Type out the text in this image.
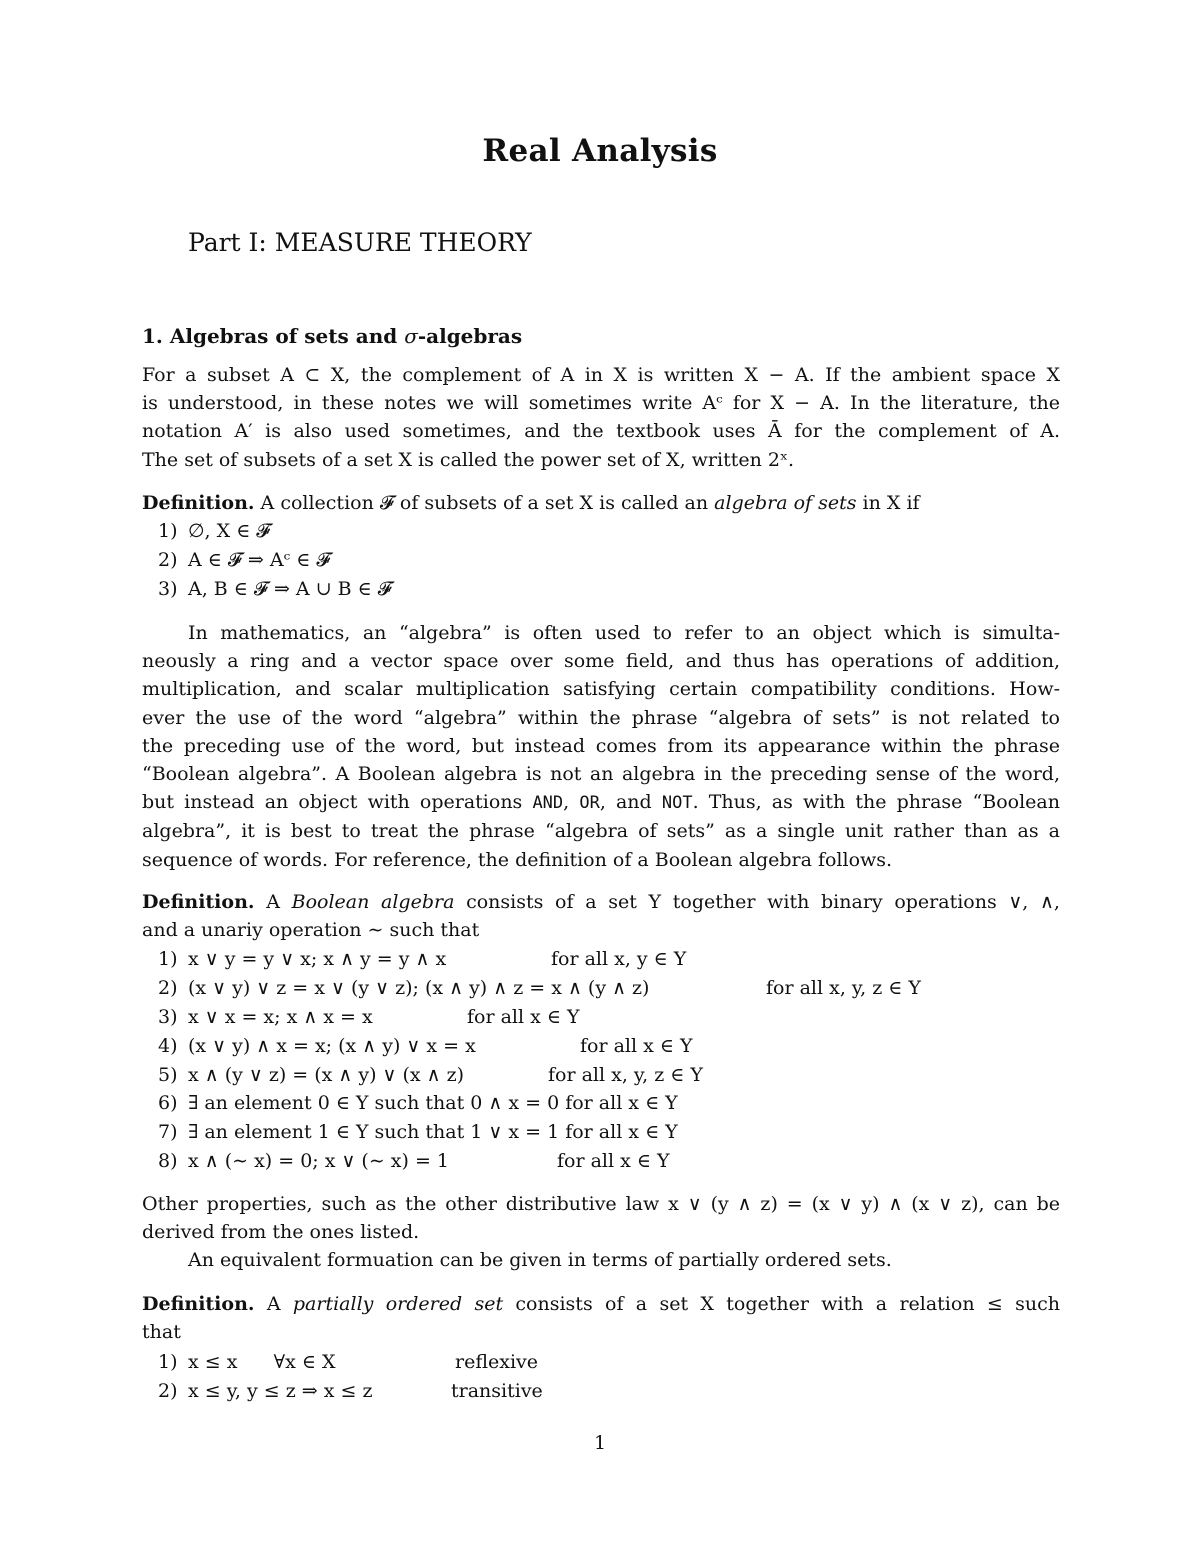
Real Analysis
Part I: MEASURE THEORY
1. Algebras of sets and σ-algebras
For a subset A ⊂ X, the complement of A in X is written X − A. If the ambient space X
is understood, in these notes we will sometimes write Aᶜ for X − A. In the literature, the
notation A′ is also used sometimes, and the textbook uses Ā for the complement of A.
The set of subsets of a set X is called the power set of X, written 2ˣ.
Definition. A collection 𝓕 of subsets of a set X is called an algebra of sets in X if
1) ∅, X ∈ 𝓕
2) A ∈ 𝓕 ⇒ Aᶜ ∈ 𝓕
3) A, B ∈ 𝓕 ⇒ A ∪ B ∈ 𝓕
In mathematics, an “algebra” is often used to refer to an object which is simulta-
neously a ring and a vector space over some field, and thus has operations of addition,
multiplication, and scalar multiplication satisfying certain compatibility conditions. How-
ever the use of the word “algebra” within the phrase “algebra of sets” is not related to
the preceding use of the word, but instead comes from its appearance within the phrase
“Boolean algebra”. A Boolean algebra is not an algebra in the preceding sense of the word,
but instead an object with operations AND, OR, and NOT. Thus, as with the phrase “Boolean
algebra”, it is best to treat the phrase “algebra of sets” as a single unit rather than as a
sequence of words. For reference, the definition of a Boolean algebra follows.
Definition. A Boolean algebra consists of a set Y together with binary operations ∨, ∧,
and a unariy operation ∼ such that
1) x ∨ y = y ∨ x; x ∧ y = y ∧ x	for all x, y ∈ Y
2) (x ∨ y) ∨ z = x ∨ (y ∨ z); (x ∧ y) ∧ z = x ∧ (y ∧ z)	for all x, y, z ∈ Y
3) x ∨ x = x; x ∧ x = x	for all x ∈ Y
4) (x ∨ y) ∧ x = x; (x ∧ y) ∨ x = x	for all x ∈ Y
5) x ∧ (y ∨ z) = (x ∧ y) ∨ (x ∧ z)	for all x, y, z ∈ Y
6) ∃ an element 0 ∈ Y such that 0 ∧ x = 0 for all x ∈ Y
7) ∃ an element 1 ∈ Y such that 1 ∨ x = 1 for all x ∈ Y
8) x ∧ (∼ x) = 0; x ∨ (∼ x) = 1	for all x ∈ Y
Other properties, such as the other distributive law x ∨ (y ∧ z) = (x ∨ y) ∧ (x ∨ z), can be
derived from the ones listed.
An equivalent formuation can be given in terms of partially ordered sets.
Definition. A partially ordered set consists of a set X together with a relation ≤ such
that
1) x ≤ x      ∀x ∈ X	reflexive
2) x ≤ y, y ≤ z ⇒ x ≤ z	transitive
1
